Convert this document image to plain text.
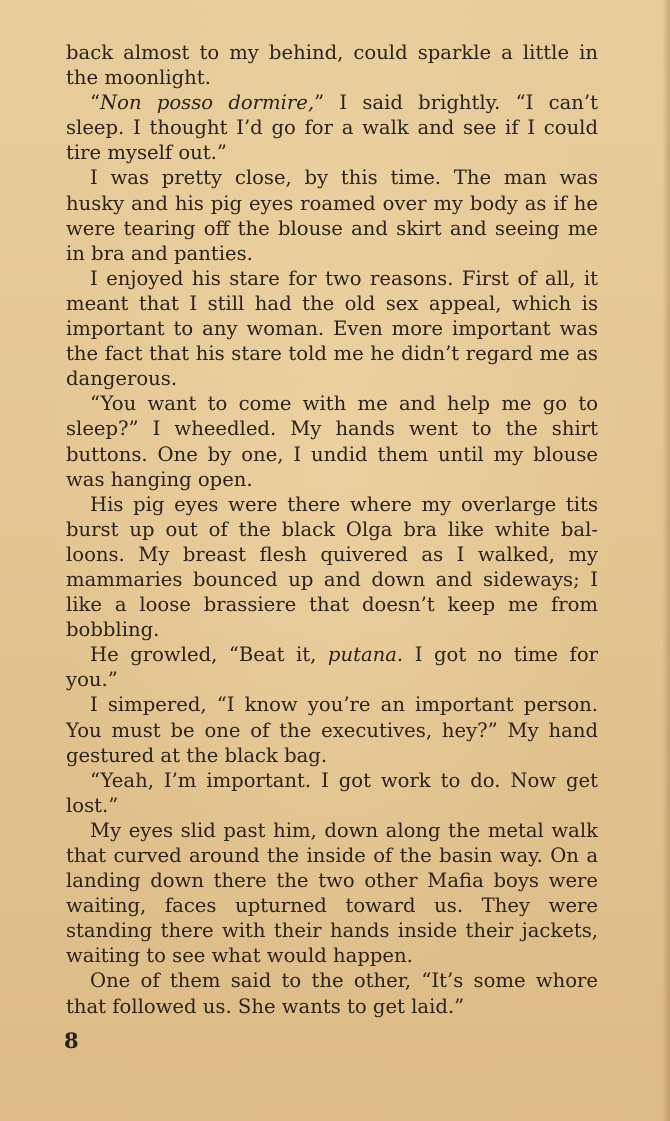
back almost to my behind, could sparkle a little in the moonlight.

“Non posso dormire,” I said brightly. “I can’t sleep. I thought I’d go for a walk and see if I could tire myself out.”

I was pretty close, by this time. The man was husky and his pig eyes roamed over my body as if he were tearing off the blouse and skirt and seeing me in bra and panties.

I enjoyed his stare for two reasons. First of all, it meant that I still had the old sex appeal, which is important to any woman. Even more important was the fact that his stare told me he didn’t regard me as dangerous.

“You want to come with me and help me go to sleep?” I wheedled. My hands went to the shirt buttons. One by one, I undid them until my blouse was hanging open.

His pig eyes were there where my overlarge tits burst up out of the black Olga bra like white bal-loons. My breast flesh quivered as I walked, my mammaries bounced up and down and sideways; I like a loose brassiere that doesn’t keep me from bobbling.

He growled, “Beat it, putana. I got no time for you.”

I simpered, “I know you’re an important person. You must be one of the executives, hey?” My hand gestured at the black bag.

“Yeah, I’m important. I got work to do. Now get lost.”

My eyes slid past him, down along the metal walk that curved around the inside of the basin way. On a landing down there the two other Mafia boys were waiting, faces upturned toward us. They were standing there with their hands inside their jackets, waiting to see what would happen.

One of them said to the other, “It’s some whore that followed us. She wants to get laid.”

8
